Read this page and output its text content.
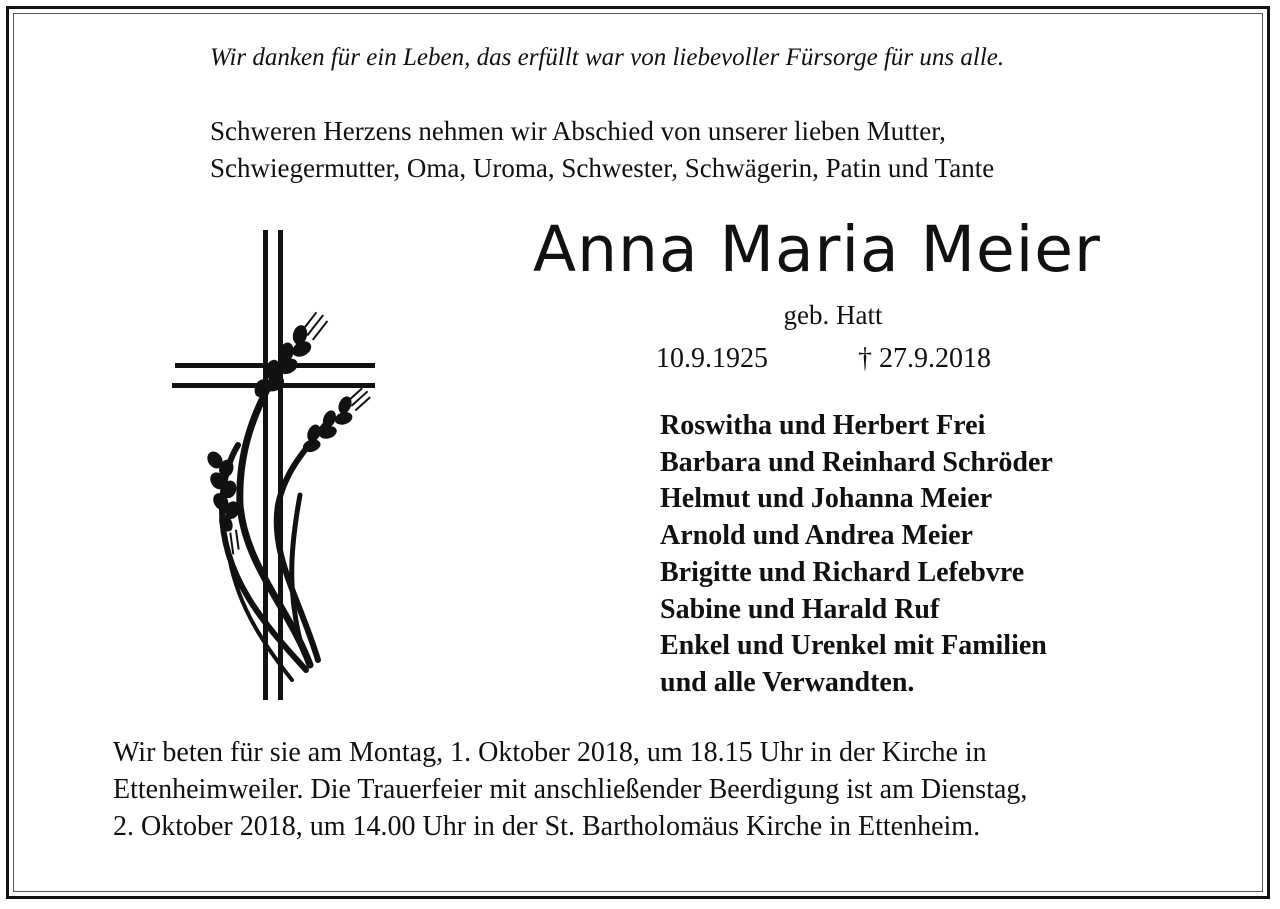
Wir danken für ein Leben, das erfüllt war von liebevoller Fürsorge für uns alle.
Schweren Herzens nehmen wir Abschied von unserer lieben Mutter,
Schwiegermutter, Oma, Uroma, Schwester, Schwägerin, Patin und Tante
Anna Maria Meier
geb. Hatt
10.9.1925	† 27.9.2018
Roswitha und Herbert Frei
Barbara und Reinhard Schröder
Helmut und Johanna Meier
Arnold und Andrea Meier
Brigitte und Richard Lefebvre
Sabine und Harald Ruf
Enkel und Urenkel mit Familien
und alle Verwandten.
Wir beten für sie am Montag, 1. Oktober 2018, um 18.15 Uhr in der Kirche in
Ettenheimweiler. Die Trauerfeier mit anschließender Beerdigung ist am Dienstag,
2. Oktober 2018, um 14.00 Uhr in der St. Bartholomäus Kirche in Ettenheim.
